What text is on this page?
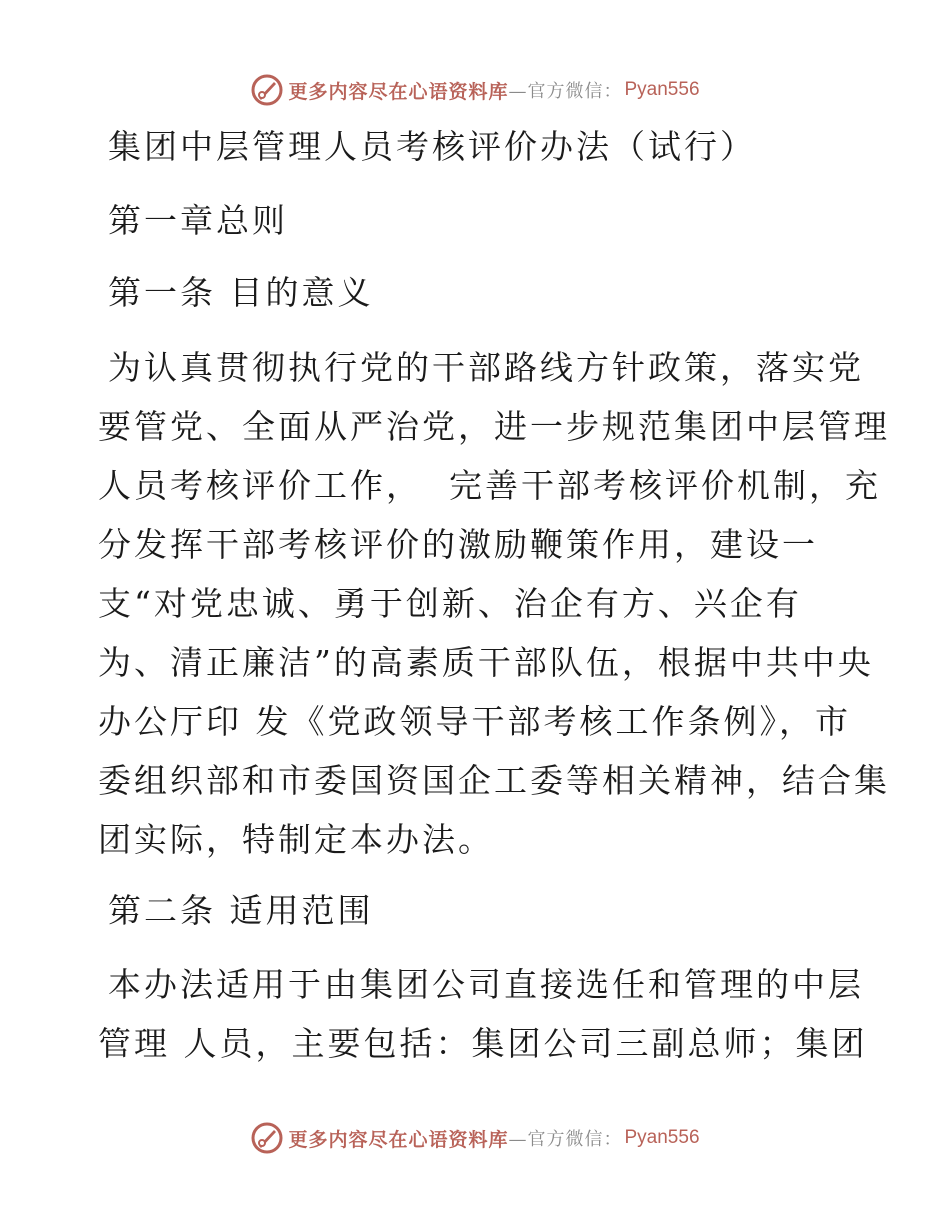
更多内容尽在心语资料库 —官方微信： Pyan556
集团中层管理人员考核评价办法（试行）
第一章总则
第一条 目的意义
为认真贯彻执行党的干部路线方针政策，落实党
要管党、全面从严治党，进一步规范集团中层管理
人员考核评价工作，  完善干部考核评价机制，充
分发挥干部考核评价的激励鞭策作用，建设一
支“对党忠诚、勇于创新、治企有方、兴企有
为、清正廉洁”的高素质干部队伍，根据中共中央
办公厅印 发《党政领导干部考核工作条例》，市
委组织部和市委国资国企工委等相关精神，结合集
团实际，特制定本办法。
第二条 适用范围
本办法适用于由集团公司直接选任和管理的中层
管理 人员，主要包括：集团公司三副总师；集团
更多内容尽在心语资料库 —官方微信： Pyan556
